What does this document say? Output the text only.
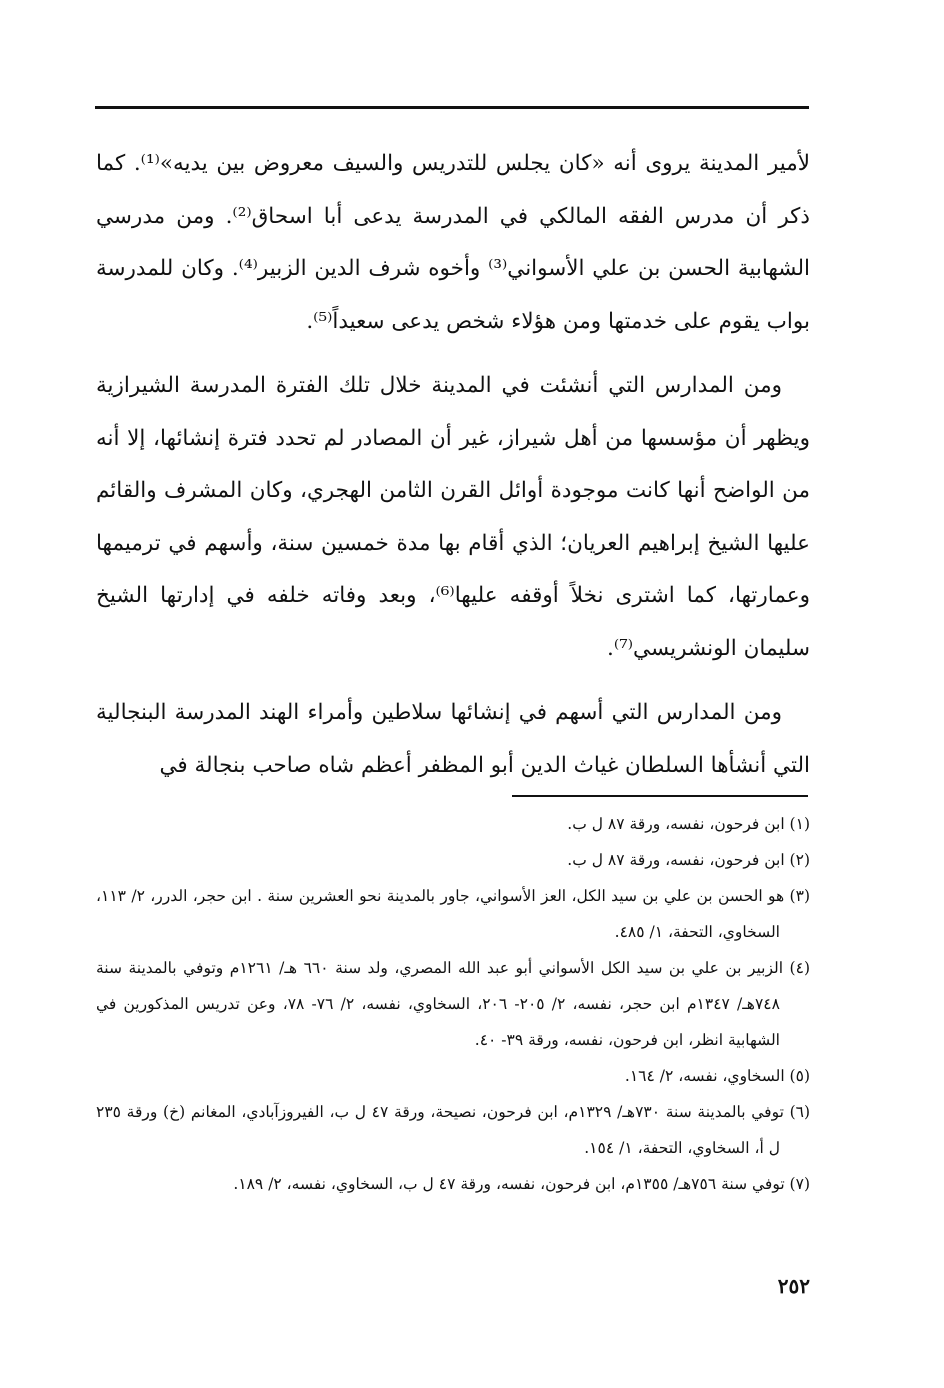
لأمير المدينة يروى أنه «كان يجلس للتدريس والسيف معروض بين يديه»⁽¹⁾. كما ذكر أن مدرس الفقه المالكي في المدرسة يدعى أبا اسحاق⁽²⁾. ومن مدرسي الشهابية الحسن بن علي الأسواني⁽³⁾ وأخوه شرف الدين الزبير⁽⁴⁾. وكان للمدرسة بواب يقوم على خدمتها ومن هؤلاء شخص يدعى سعيداً⁽⁵⁾.

ومن المدارس التي أنشئت في المدينة خلال تلك الفترة المدرسة الشيرازية ويظهر أن مؤسسها من أهل شيراز، غير أن المصادر لم تحدد فترة إنشائها، إلا أنه من الواضح أنها كانت موجودة أوائل القرن الثامن الهجري، وكان المشرف والقائم عليها الشيخ إبراهيم العريان؛ الذي أقام بها مدة خمسين سنة، وأسهم في ترميمها وعمارتها، كما اشترى نخلاً أوقفه عليها⁽⁶⁾، وبعد وفاته خلفه في إدارتها الشيخ سليمان الونشريسي⁽⁷⁾.

ومن المدارس التي أسهم في إنشائها سلاطين وأمراء الهند المدرسة البنجالية التي أنشأها السلطان غياث الدين أبو المظفر أعظم شاه صاحب بنجالة في

(١) ابن فرحون، نفسه، ورقة ٨٧ ل ب.

(٢) ابن فرحون، نفسه، ورقة ٨٧ ل ب.

(٣) هو الحسن بن علي بن سيد الكل، العز الأسواني، جاور بالمدينة نحو العشرين سنة . ابن حجر، الدرر، ٢/ ١١٣، السخاوي، التحفة، ١/ ٤٨٥.

(٤) الزبير بن علي بن سيد الكل الأسواني أبو عبد الله المصري، ولد سنة ٦٦٠ هـ/ ١٢٦١م وتوفي بالمدينة سنة ٧٤٨هـ/ ١٣٤٧م ابن حجر، نفسه، ٢/ ٢٠٥- ٢٠٦، السخاوي، نفسه، ٢/ ٧٦- ٧٨، وعن تدريس المذكورين في الشهابية انظر، ابن فرحون، نفسه، ورقة ٣٩- ٤٠.

(٥) السخاوي، نفسه، ٢/ ١٦٤.

(٦) توفي بالمدينة سنة ٧٣٠هـ/ ١٣٢٩م، ابن فرحون، نصيحة، ورقة ٤٧ ل ب، الفيروزآبادي، المغانم (خ) ورقة ٢٣٥ ل أ، السخاوي، التحفة، ١/ ١٥٤.

(٧) توفي سنة ٧٥٦هـ/ ١٣٥٥م، ابن فرحون، نفسه، ورقة ٤٧ ل ب، السخاوي، نفسه، ٢/ ١٨٩.

٢٥٢
